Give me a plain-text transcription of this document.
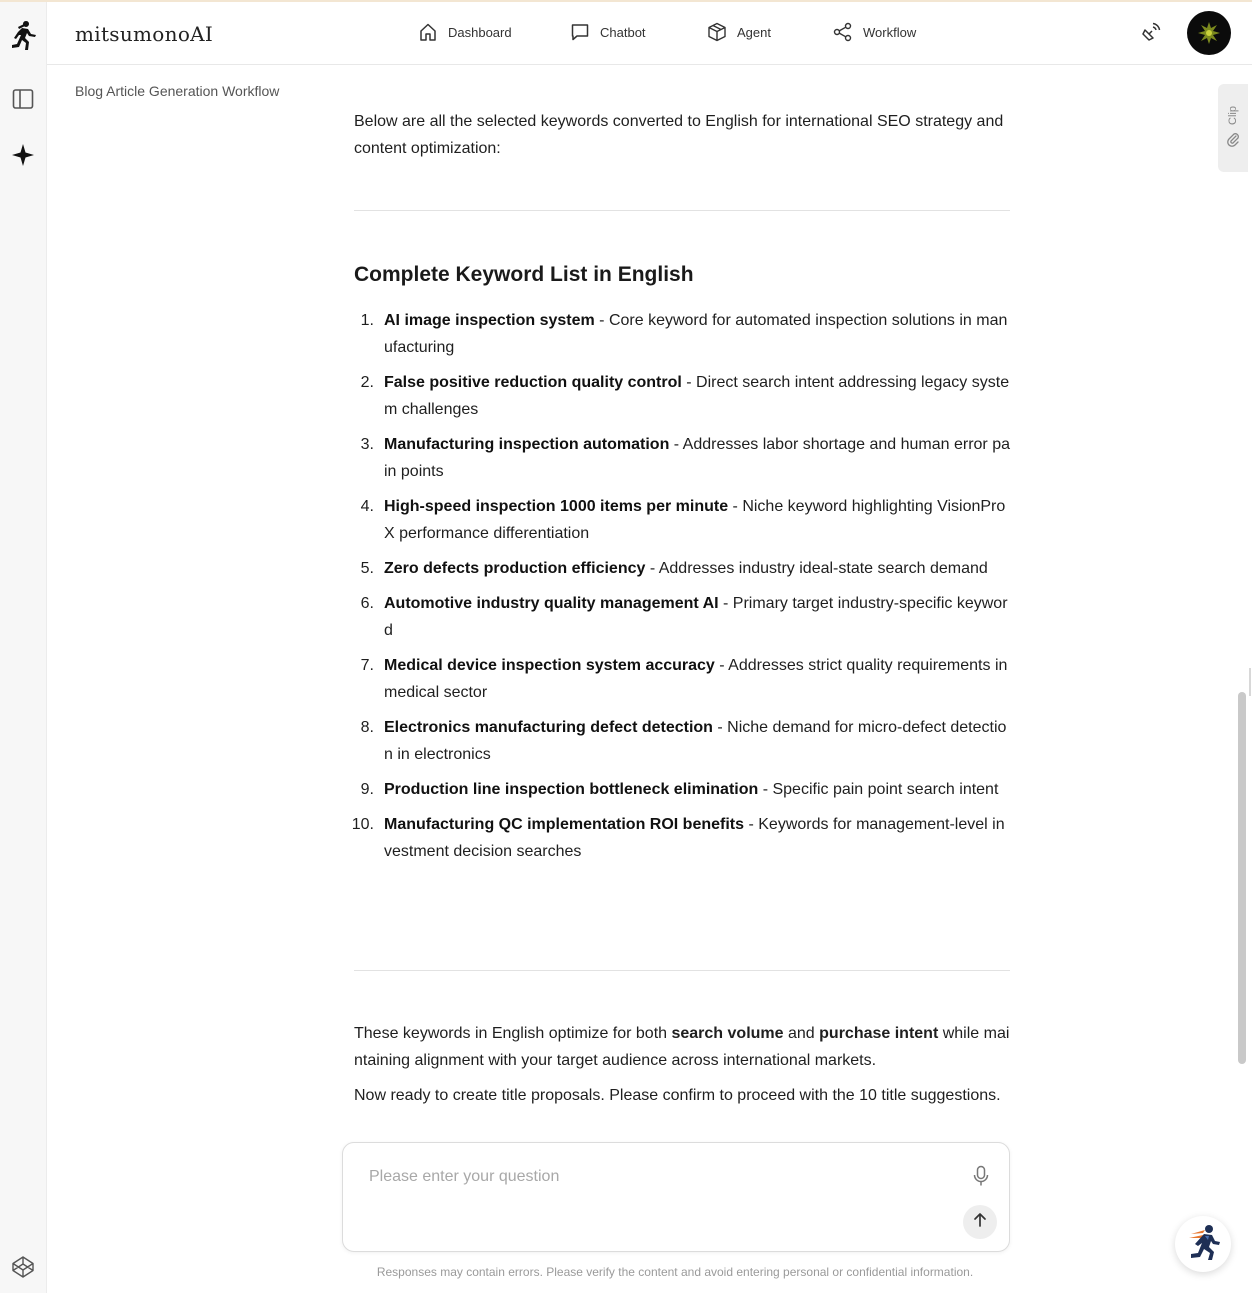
mitsumonoAI	Dashboard	Chatbot	Agent	Workflow
Blog Article Generation Workflow
Clip

Below are all the selected keywords converted to English for international SEO strategy and content optimization:

Complete Keyword List in English
1. AI image inspection system - Core keyword for automated inspection solutions in manufacturing
2. False positive reduction quality control - Direct search intent addressing legacy system challenges
3. Manufacturing inspection automation - Addresses labor shortage and human error pain points
4. High-speed inspection 1000 items per minute - Niche keyword highlighting VisionPro X performance differentiation
5. Zero defects production efficiency - Addresses industry ideal-state search demand
6. Automotive industry quality management AI - Primary target industry-specific keyword
7. Medical device inspection system accuracy - Addresses strict quality requirements in medical sector
8. Electronics manufacturing defect detection - Niche demand for micro-defect detection in electronics
9. Production line inspection bottleneck elimination - Specific pain point search intent
10. Manufacturing QC implementation ROI benefits - Keywords for management-level investment decision searches

These keywords in English optimize for both search volume and purchase intent while maintaining alignment with your target audience across international markets.

Now ready to create title proposals. Please confirm to proceed with the 10 title suggestions.

Please enter your question
Responses may contain errors. Please verify the content and avoid entering personal or confidential information.
